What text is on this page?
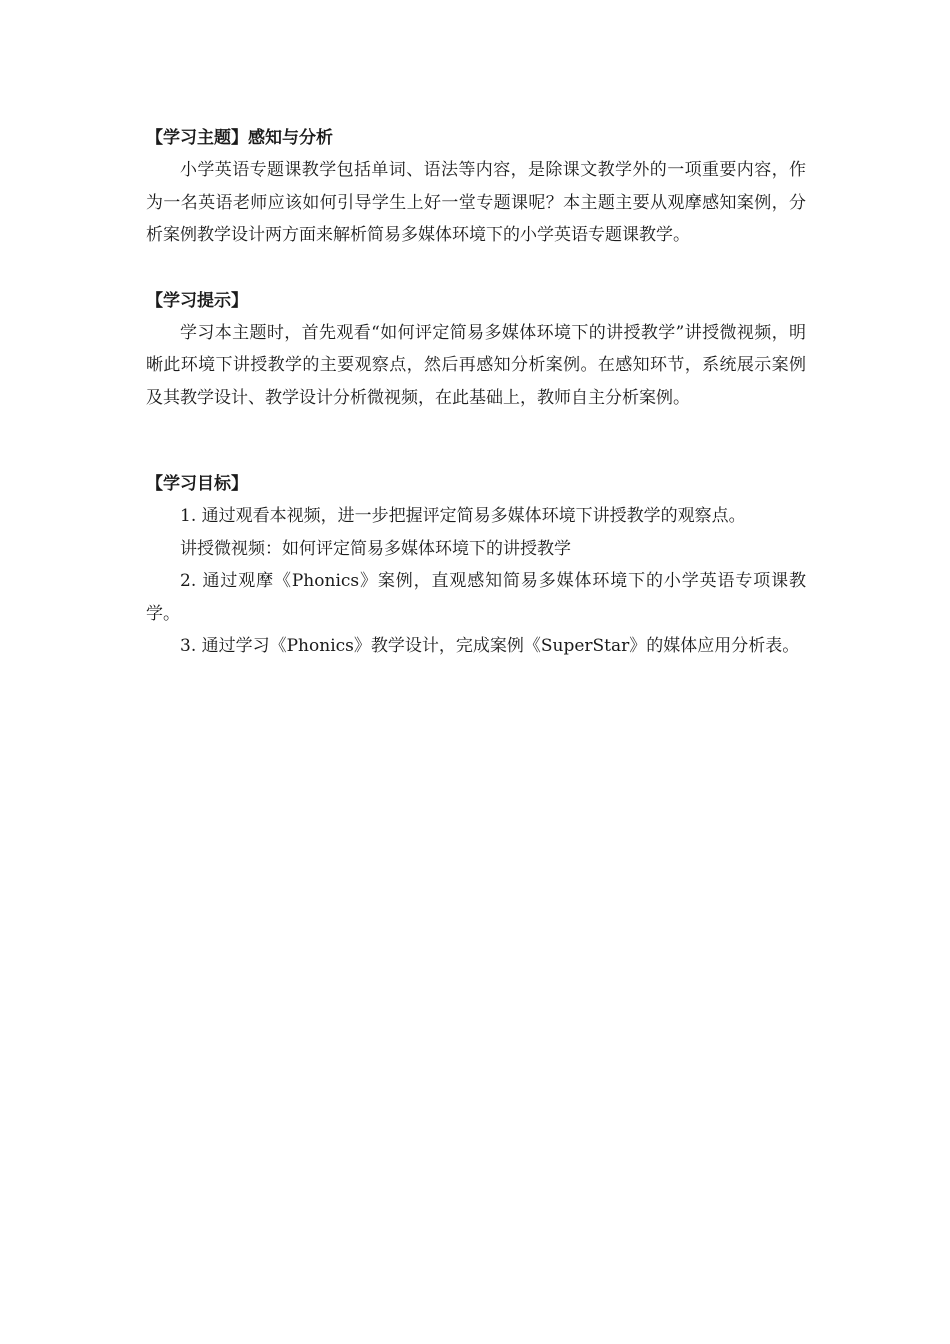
【学习主题】感知与分析

小学英语专题课教学包括单词、语法等内容，是除课文教学外的一项重要内容，作为一名英语老师应该如何引导学生上好一堂专题课呢？本主题主要从观摩感知案例，分析案例教学设计两方面来解析简易多媒体环境下的小学英语专题课教学。

【学习提示】

学习本主题时，首先观看“如何评定简易多媒体环境下的讲授教学”讲授微视频，明晰此环境下讲授教学的主要观察点，然后再感知分析案例。在感知环节，系统展示案例及其教学设计、教学设计分析微视频，在此基础上，教师自主分析案例。

【学习目标】

1. 通过观看本视频，进一步把握评定简易多媒体环境下讲授教学的观察点。

讲授微视频：如何评定简易多媒体环境下的讲授教学

2. 通过观摩《Phonics》案例，直观感知简易多媒体环境下的小学英语专项课教学。

3. 通过学习《Phonics》教学设计，完成案例《SuperStar》的媒体应用分析表。
